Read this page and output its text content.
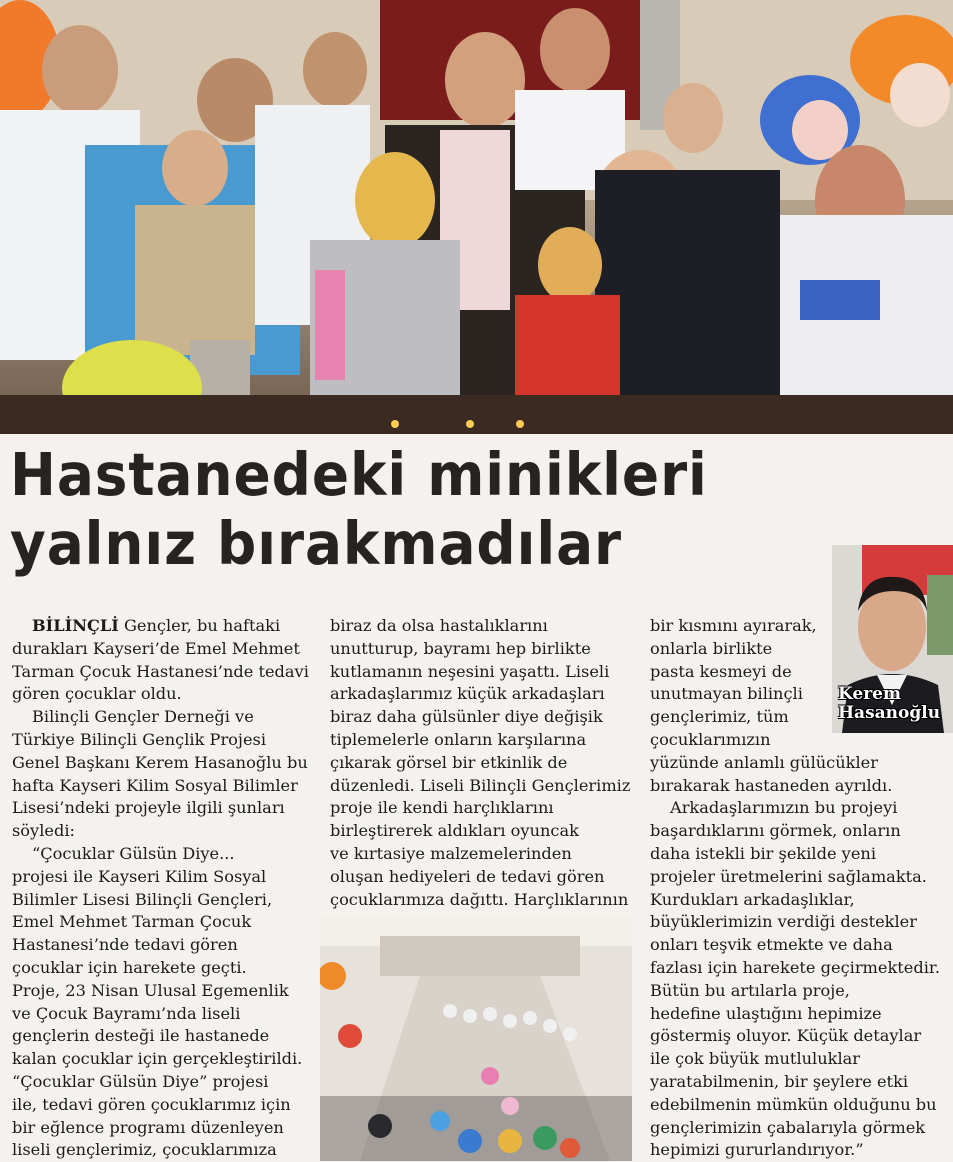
Hastanedeki minikleri
yalnız bırakmadılar
Kerem
Hasanoğlu

BİLİNÇLİ Gençler, bu haftaki

durakları Kayseri’de Emel Mehmet

Tarman Çocuk Hastanesi’nde tedavi

gören çocuklar oldu.

Bilinçli Gençler Derneği ve

Türkiye Bilinçli Gençlik Projesi

Genel Başkanı Kerem Hasanoğlu bu

hafta Kayseri Kilim Sosyal Bilimler

Lisesi’ndeki projeyle ilgili şunları

söyledi:

“Çocuklar Gülsün Diye...

projesi ile Kayseri Kilim Sosyal

Bilimler Lisesi Bilinçli Gençleri,

Emel Mehmet Tarman Çocuk

Hastanesi’nde tedavi gören

çocuklar için harekete geçti.

Proje, 23 Nisan Ulusal Egemenlik

ve Çocuk Bayramı’nda liseli

gençlerin desteği ile hastanede

kalan çocuklar için gerçekleştirildi.

“Çocuklar Gülsün Diye” projesi

ile, tedavi gören çocuklarımız için

bir eğlence programı düzenleyen

liseli gençlerimiz, çocuklarımıza

biraz da olsa hastalıklarını

unutturup, bayramı hep birlikte

kutlamanın neşesini yaşattı. Liseli

arkadaşlarımız küçük arkadaşları

biraz daha gülsünler diye değişik

tiplemelerle onların karşılarına

çıkarak görsel bir etkinlik de

düzenledi. Liseli Bilinçli Gençlerimiz

proje ile kendi harçlıklarını

birleştirerek aldıkları oyuncak

ve kırtasiye malzemelerinden

oluşan hediyeleri de tedavi gören

çocuklarımıza dağıttı. Harçlıklarının

bir kısmını ayırarak,

onlarla birlikte

pasta kesmeyi de

unutmayan bilinçli

gençlerimiz, tüm

çocuklarımızın

yüzünde anlamlı gülücükler

bırakarak hastaneden ayrıldı.

Arkadaşlarımızın bu projeyi

başardıklarını görmek, onların

daha istekli bir şekilde yeni

projeler üretmelerini sağlamakta.

Kurdukları arkadaşlıklar,

büyüklerimizin verdiği destekler

onları teşvik etmekte ve daha

fazlası için harekete geçirmektedir.

Bütün bu artılarla proje,

hedefine ulaştığını hepimize

göstermiş oluyor. Küçük detaylar

ile çok büyük mutluluklar

yaratabilmenin, bir şeylere etki

edebilmenin mümkün olduğunu bu

gençlerimizin çabalarıyla görmek

hepimizi gururlandırıyor.”
